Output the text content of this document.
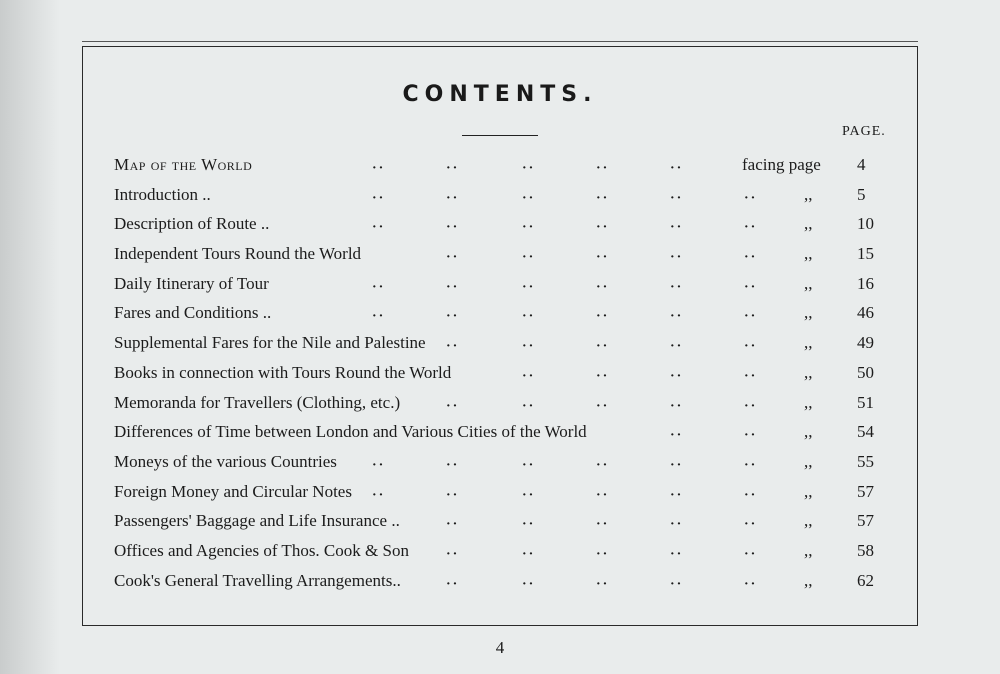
CONTENTS.
PAGE.
Map of the World	facing page 4
··	··	··	··	··
Introduction ..	,,	5
··	··	··	··	··	··
Description of Route ..	,,	10
··	··	··	··	··	··
Independent Tours Round the World	,,	15
··	··	··	··	··
Daily Itinerary of Tour	,,	16
··	··	··	··	··	··
Fares and Conditions ..	,,	46
··	··	··	··	··	··
Supplemental Fares for the Nile and Palestine	,,	49
··	··	··	··	··
Books in connection with Tours Round the World	,,	50
··	··	··	··
Memoranda for Travellers (Clothing, etc.)	,,	51
··	··	··	··	··
Differences of Time between London and Various Cities of the World	,,	54
··	··
Moneys of the various Countries	,,	55
··	··	··	··	··	··
Foreign Money and Circular Notes	,,	57
··	··	··	··	··	··
Passengers' Baggage and Life Insurance ..	,,	57
··	··	··	··	··
Offices and Agencies of Thos. Cook & Son	,,	58
··	··	··	··	··
Cook's General Travelling Arrangements..	,,	62
··	··	··	··	··
4
